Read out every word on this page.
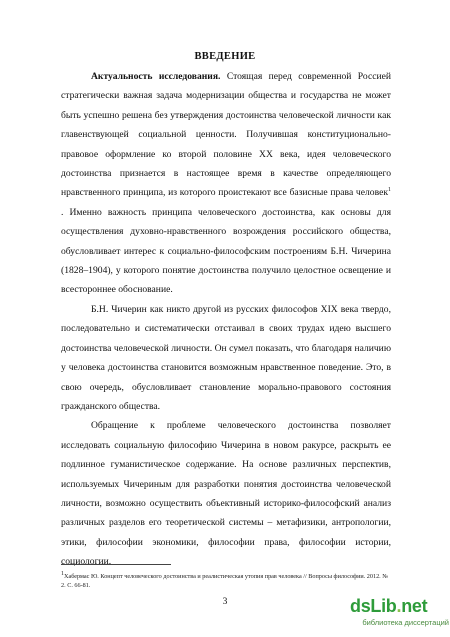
ВВЕДЕНИЕ

Актуальность исследования. Стоящая перед современной Россией стратегически важная задача модернизации общества и государства не может быть успешно решена без утверждения достоинства человеческой личности как главенствующей социальной ценности. Получившая конституционально-правовое оформление ко второй половине XX века, идея человеческого достоинства признается в настоящее время в качестве определяющего нравственного принципа, из которого проистекают все базисные права человек$^1$ . Именно важность принципа человеческого достоинства, как основы для осуществления духовно-нравственного возрождения российского общества, обусловливает интерес к социально-философским построениям Б.Н. Чичерина (1828–1904), у которого понятие достоинства получило целостное освещение и всестороннее обоснование.

Б.Н. Чичерин как никто другой из русских философов XIX века твердо, последовательно и систематически отстаивал в своих трудах идею высшего достоинства человеческой личности. Он сумел показать, что благодаря наличию у человека достоинства становится возможным нравственное поведение. Это, в свою очередь, обусловливает становление морально-правового состояния гражданского общества.

Обращение к проблеме человеческого достоинства позволяет исследовать социальную философию Чичерина в новом ракурсе, раскрыть ее подлинное гуманистическое содержание. На основе различных перспектив, используемых Чичериным для разработки понятия достоинства человеческой личности, возможно осуществить объективный историко-философский анализ различных разделов его теоретической системы – метафизики, антропологии, этики, философии экономики, философии права, философии истории, социологии.

$^1$Хабермас Ю. Концепт человеческого достоинства и реалистическая утопия прав человека // Вопросы философии. 2012. № 2. С. 66-81.
3	dsLib.net
библиотека диссертаций
